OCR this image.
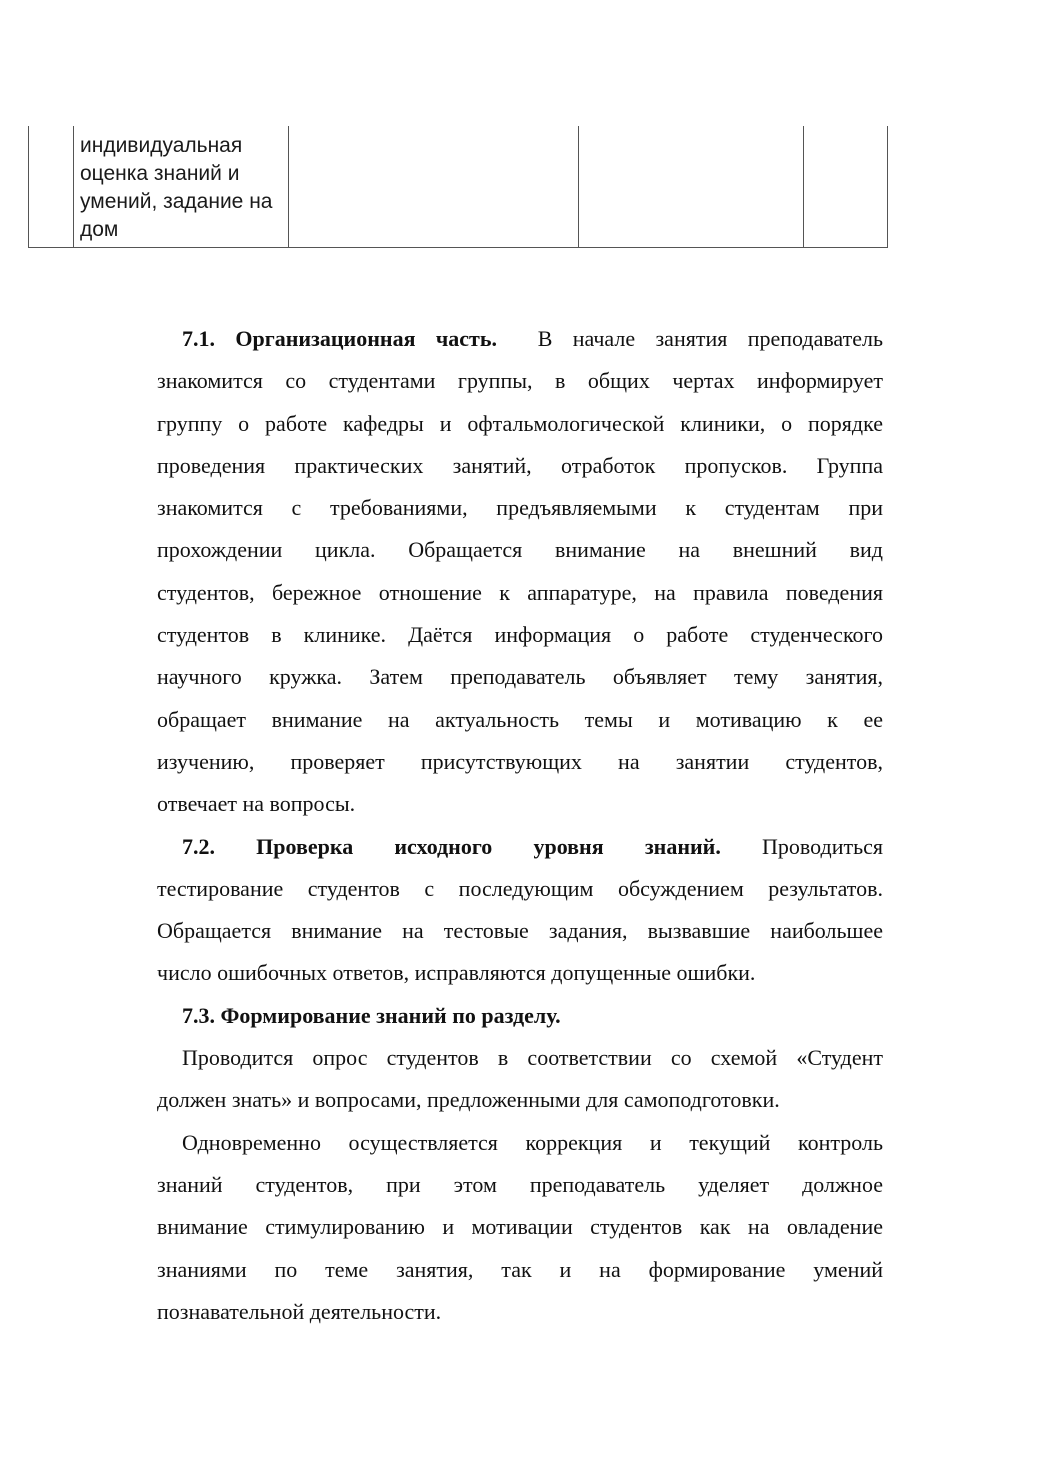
индивидуальная
оценка знаний и
умений, задание на
дом
7.1. Организационная часть. В начале занятия преподаватель
знакомится со студентами группы, в общих чертах информирует
группу о работе кафедры и офтальмологической клиники, о порядке
проведения практических занятий, отработок пропусков. Группа
знакомится с требованиями, предъявляемыми к студентам при
прохождении цикла. Обращается внимание на внешний вид
студентов, бережное отношение к аппаратуре, на правила поведения
студентов в клинике. Даётся информация о работе студенческого
научного кружка. Затем преподаватель объявляет тему занятия,
обращает внимание на актуальность темы и мотивацию к ее
изучению, проверяет присутствующих на занятии студентов,
отвечает на вопросы.
7.2. Проверка исходного уровня знаний. Проводиться
тестирование студентов с последующим обсуждением результатов.
Обращается внимание на тестовые задания, вызвавшие наибольшее
число ошибочных ответов, исправляются допущенные ошибки.
7.3. Формирование знаний по разделу.
Проводится опрос студентов в соответствии со схемой «Студент
должен знать» и вопросами, предложенными для самоподготовки.
Одновременно осуществляется коррекция и текущий контроль
знаний студентов, при этом преподаватель уделяет должное
внимание стимулированию и мотивации студентов как на овладение
знаниями по теме занятия, так и на формирование умений
познавательной деятельности.
